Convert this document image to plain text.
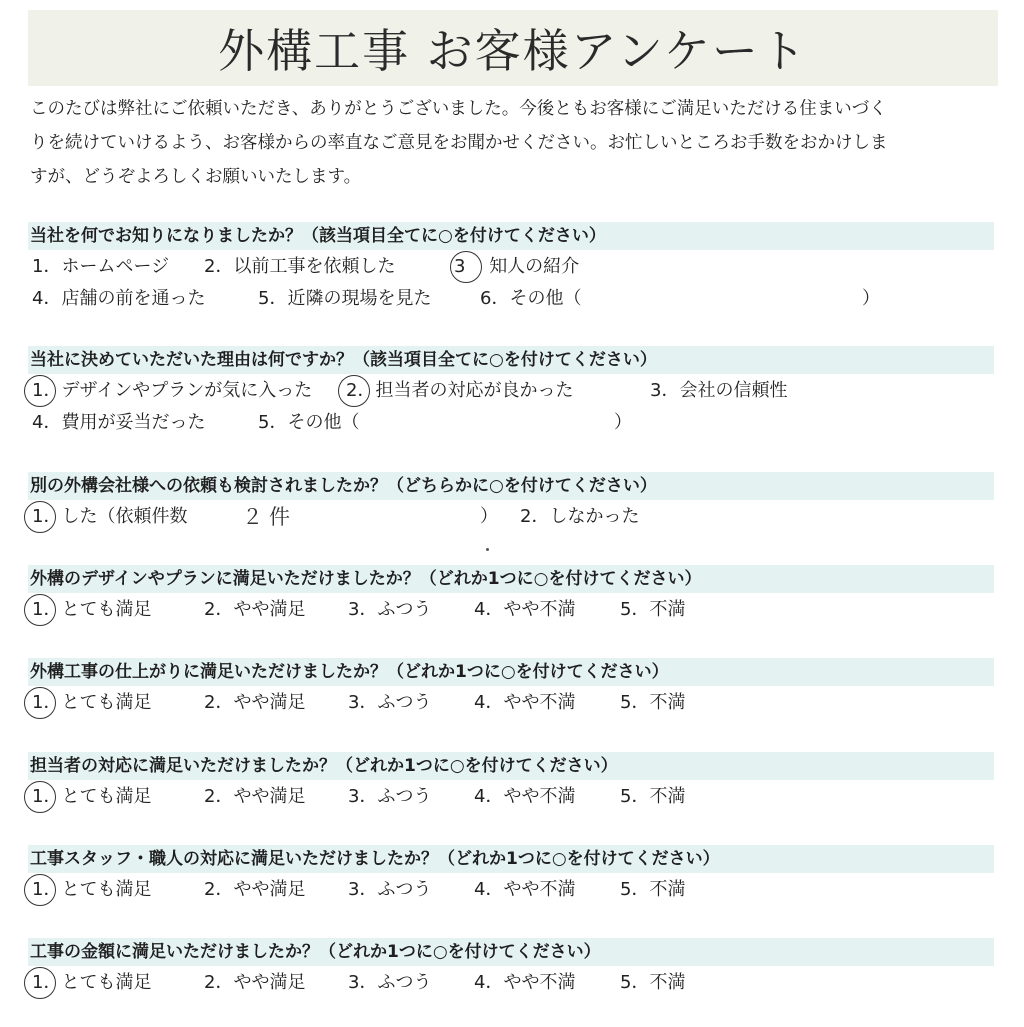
外構工事 お客様アンケート
このたびは弊社にご依頼いただき、ありがとうございました。今後ともお客様にご満足いただける住まいづく
りを続けていけるよう、お客様からの率直なご意見をお聞かせください。お忙しいところお手数をおかけしま
すが、どうぞよろしくお願いいたします。
当社を何でお知りになりましたか？（該当項目全てに○を付けてください）
1．ホームページ 2．以前工事を依頼した	3 知人の紹介
4．店舗の前を通った	5．近隣の現場を見た	6．その他（	）
当社に決めていただいた理由は何ですか？（該当項目全てに○を付けてください）
1．デザインやプランが気に入った 2．担当者の対応が良かった	3．会社の信頼性
4．費用が妥当だった	5．その他（	）
別の外構会社様への依頼も検討されましたか？（どちらかに○を付けてください）
1．した（依頼件数	２件	） 2．しなかった
外構のデザインやプランに満足いただけましたか？（どれか1つに○を付けてください）
1．とても満足	2．やや満足 3．ふつう 4．やや不満 5．不満
外構工事の仕上がりに満足いただけましたか？（どれか1つに○を付けてください）
1．とても満足	2．やや満足 3．ふつう 4．やや不満 5．不満
担当者の対応に満足いただけましたか？（どれか1つに○を付けてください）
1．とても満足	2．やや満足 3．ふつう 4．やや不満 5．不満
工事スタッフ・職人の対応に満足いただけましたか？（どれか1つに○を付けてください）
1．とても満足	2．やや満足 3．ふつう 4．やや不満 5．不満
工事の金額に満足いただけましたか？（どれか1つに○を付けてください）
1．とても満足	2．やや満足 3．ふつう 4．やや不満 5．不満
